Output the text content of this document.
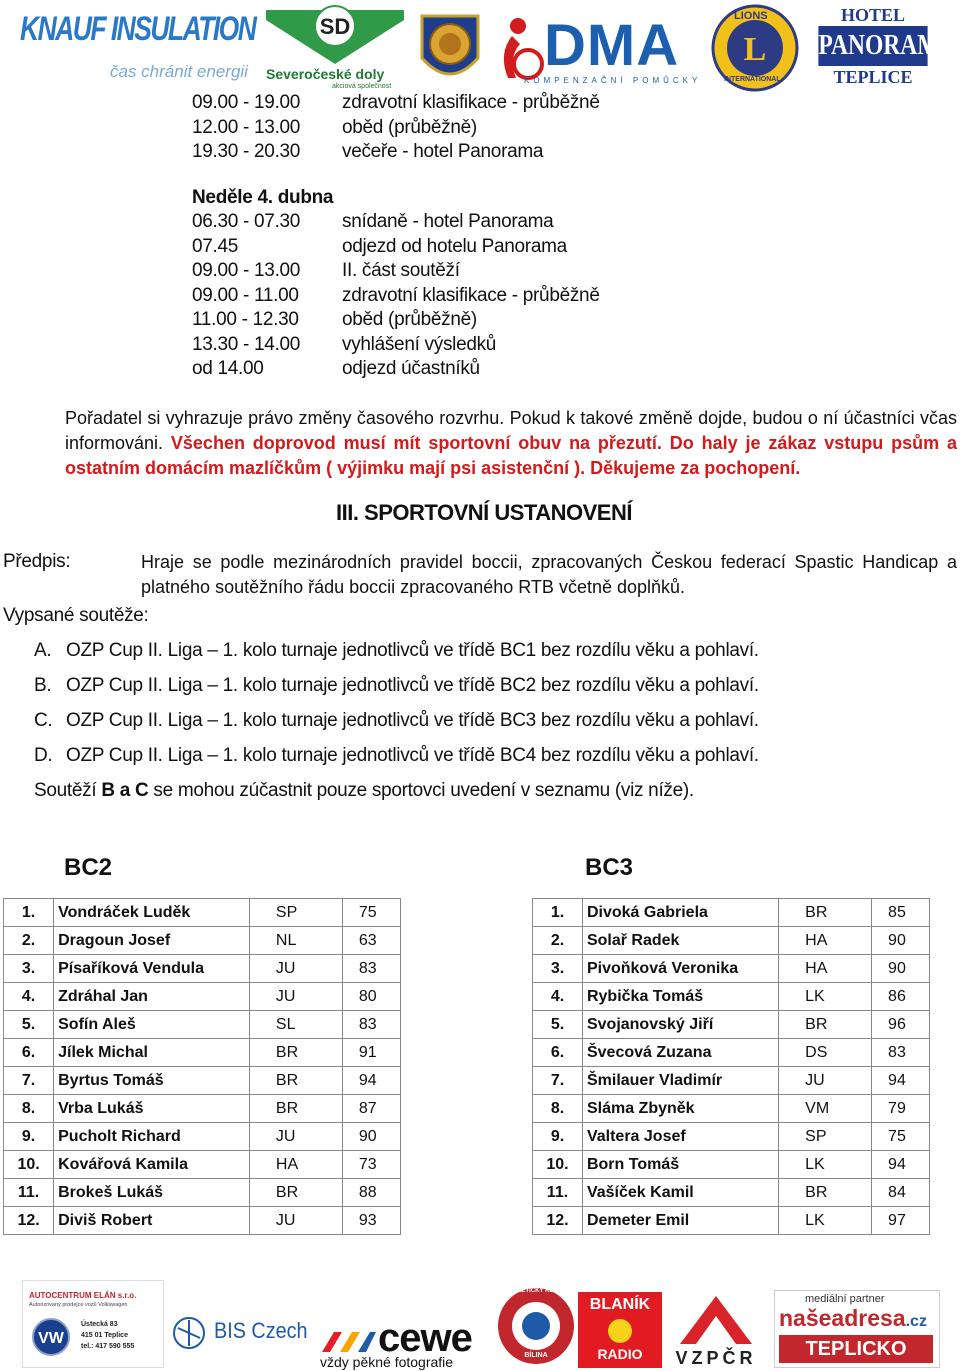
KNAUF INSULATION
čas chránit energii
SD
Severočeské doly
akciová společnost
DMA
KOMPENZAČNÍ POMŮCKY
L
LIONS
INTERNATIONAL
HOTEL
PANORAMA
TEPLICE
09.00 - 19.00 zdravotní klasifikace - průběžně
12.00 - 13.00 oběd (průběžně)
19.30 - 20.30 večeře - hotel Panorama
Neděle 4. dubna
06.30 - 07.30 snídaně - hotel Panorama
07.45	odjezd od hotelu Panorama
09.00 - 13.00 II. část soutěží
09.00 - 11.00 zdravotní klasifikace - průběžně
11.00 - 12.30 oběd (průběžně)
13.30 - 14.00 vyhlášení výsledků
od 14.00	odjezd účastníků
Pořadatel si vyhrazuje právo změny časového rozvrhu. Pokud k takové změně dojde, budou o ní účastníci včas informováni. Všechen doprovod musí mít sportovní obuv na přezutí. Do haly je zákaz vstupu psům a ostatním domácím mazlíčkům ( výjimku mají psi asistenční ). Děkujeme za pochopení.
III. SPORTOVNÍ USTANOVENÍ
Předpis:	Hraje se podle mezinárodních pravidel boccii, zpracovaných Českou federací Spastic Handicap a platného soutěžního řádu boccii zpracovaného RTB včetně doplňků.
Vypsané soutěže:
A. OZP Cup II. Liga – 1. kolo turnaje jednotlivců ve třídě BC1 bez rozdílu věku a pohlaví.
B. OZP Cup II. Liga – 1. kolo turnaje jednotlivců ve třídě BC2 bez rozdílu věku a pohlaví.
C. OZP Cup II. Liga – 1. kolo turnaje jednotlivců ve třídě BC3 bez rozdílu věku a pohlaví.
D. OZP Cup II. Liga – 1. kolo turnaje jednotlivců ve třídě BC4 bez rozdílu věku a pohlaví.
Soutěží B a C se mohou zúčastnit pouze sportovci uvedení v seznamu (viz níže).
BC2	BC3
1.	Vondráček Luděk	SP	75
2.	Dragoun Josef	NL	63
3.	Písaříková Vendula	JU	83
4.	Zdráhal Jan	JU	80
5.	Sofín Aleš	SL	83
6.	Jílek Michal	BR	91
7.	Byrtus Tomáš	BR	94
8.	Vrba Lukáš	BR	87
9.	Pucholt Richard	JU	90
10.	Kovářová Kamila	HA	73
11.	Brokeš Lukáš	BR	88
12.	Diviš Robert	JU	93
1.	Divoká Gabriela	BR	85
2.	Solař Radek	HA	90
3.	Pivoňková Veronika	HA	90
4.	Rybička Tomáš	LK	86
5.	Svojanovský Jiří	BR	96
6.	Švecová Zuzana	DS	83
7.	Šmilauer Vladimír	JU	94
8.	Sláma Zbyněk	VM	79
9.	Valtera Josef	SP	75
10.	Born Tomáš	LK	94
11.	Vašíček Kamil	BR	84
12.	Demeter Emil	LK	97
AUTOCENTRUM ELÁN s.r.o.
Autorizovaný prodejce vozů Volkswagen
VW
Ústecká 83
415 01 Teplice
tel.: 417 590 555
BIS Czech cewe
vždy pěkné fotografie
ATLETICKÝ KLUB
BÍLINA
BLANÍK
RADIO	VZPČR
mediální partner
našeadresa.cz
TEPLICKO
